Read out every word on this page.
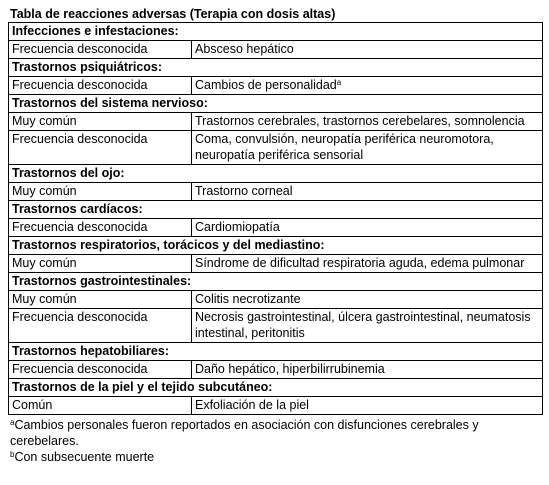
Tabla de reacciones adversas (Terapia con dosis altas)
Infecciones e infestaciones:	
Frecuencia desconocida	Absceso hepático
Trastornos psiquiátricos:	
Frecuencia desconocida	Cambios de personalidad$^a$
Trastornos del sistema nervioso:	
Muy común	Trastornos cerebrales, trastornos cerebelares, somnolencia
Frecuencia desconocida	Coma, convulsión, neuropatía periférica neuromotora, neuropatía periférica sensorial
Trastornos del ojo:	
Muy común	Trastorno corneal
Trastornos cardíacos:	
Frecuencia desconocida	Cardiomiopatía
Trastornos respiratorios, torácicos y del mediastino:	
Muy común	Síndrome de dificultad respiratoria aguda, edema pulmonar
Trastornos gastrointestinales:	
Muy común	Colitis necrotizante
Frecuencia desconocida	Necrosis gastrointestinal, úlcera gastrointestinal, neumatosis intestinal, peritonitis
Trastornos hepatobiliares:	
Frecuencia desconocida	Daño hepático, hiperbilirrubinemia
Trastornos de la piel y el tejido subcutáneo:	
Común	Exfoliación de la piel

$^a$Cambios personales fueron reportados en asociación con disfunciones cerebrales y cerebelares.

$^b$Con subsecuente muerte
